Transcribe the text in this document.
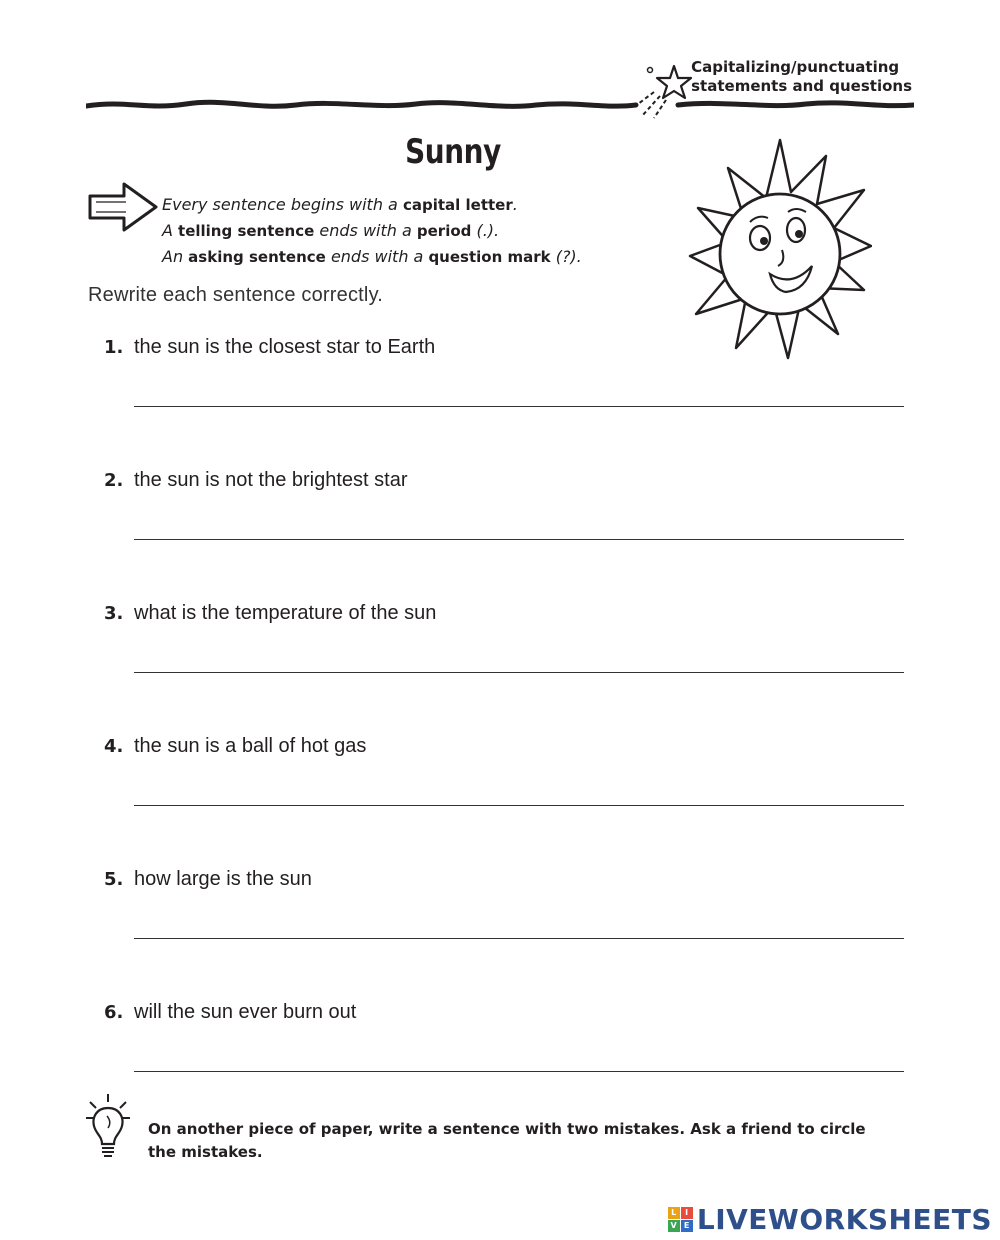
Capitalizing/punctuating
statements and questions
Sunny
Every sentence begins with a capital letter.
A telling sentence ends with a period (.).
An asking sentence ends with a question mark (?).
Rewrite each sentence correctly.
1. the sun is the closest star to Earth
2. the sun is not the brightest star
3. what is the temperature of the sun
4. the sun is a ball of hot gas
5. how large is the sun
6. will the sun ever burn out
On another piece of paper, write a sentence with two mistakes. Ask a friend to circle the mistakes.
L	I
V E LIVEWORKSHEETS
